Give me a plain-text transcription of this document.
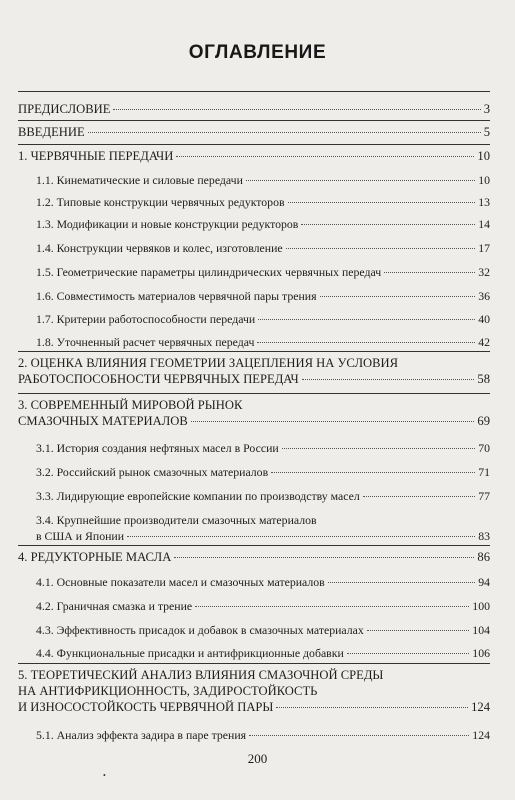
ОГЛАВЛЕНИЕ
ПРЕДИСЛОВИЕ	3
ВВЕДЕНИЕ	5
1. ЧЕРВЯЧНЫЕ ПЕРЕДАЧИ	10
1.1. Кинематические и силовые передачи	10
1.2. Типовые конструкции червячных редукторов	13
1.3. Модификации и новые конструкции редукторов	14
1.4. Конструкции червяков и колес, изготовление	17
1.5. Геометрические параметры цилиндрических червячных передач	32
1.6. Совместимость материалов червячной пары трения	36
1.7. Критерии работоспособности передачи	40
1.8. Уточненный расчет червячных передач	42
2. ОЦЕНКА ВЛИЯНИЯ ГЕОМЕТРИИ ЗАЦЕПЛЕНИЯ НА УСЛОВИЯ
РАБОТОСПОСОБНОСТИ ЧЕРВЯЧНЫХ ПЕРЕДАЧ	58
3. СОВРЕМЕННЫЙ МИРОВОЙ РЫНОК
СМАЗОЧНЫХ МАТЕРИАЛОВ	69
3.1. История создания нефтяных масел в России	70
3.2. Российский рынок смазочных материалов	71
3.3. Лидирующие европейские компании по производству масел	77
3.4. Крупнейшие производители смазочных материалов
в США и Японии	83
4. РЕДУКТОРНЫЕ МАСЛА	86
4.1. Основные показатели масел и смазочных материалов	94
4.2. Граничная смазка и трение	100
4.3. Эффективность присадок и добавок в смазочных материалах	104
4.4. Функциональные присадки и антифрикционные добавки	106
5. ТЕОРЕТИЧЕСКИЙ АНАЛИЗ ВЛИЯНИЯ СМАЗОЧНОЙ СРЕДЫ
НА АНТИФРИКЦИОННОСТЬ, ЗАДИРОСТОЙКОСТЬ
И ИЗНОСОСТОЙКОСТЬ ЧЕРВЯЧНОЙ ПАРЫ	124
5.1. Анализ эффекта задира в паре трения	124
200
•
